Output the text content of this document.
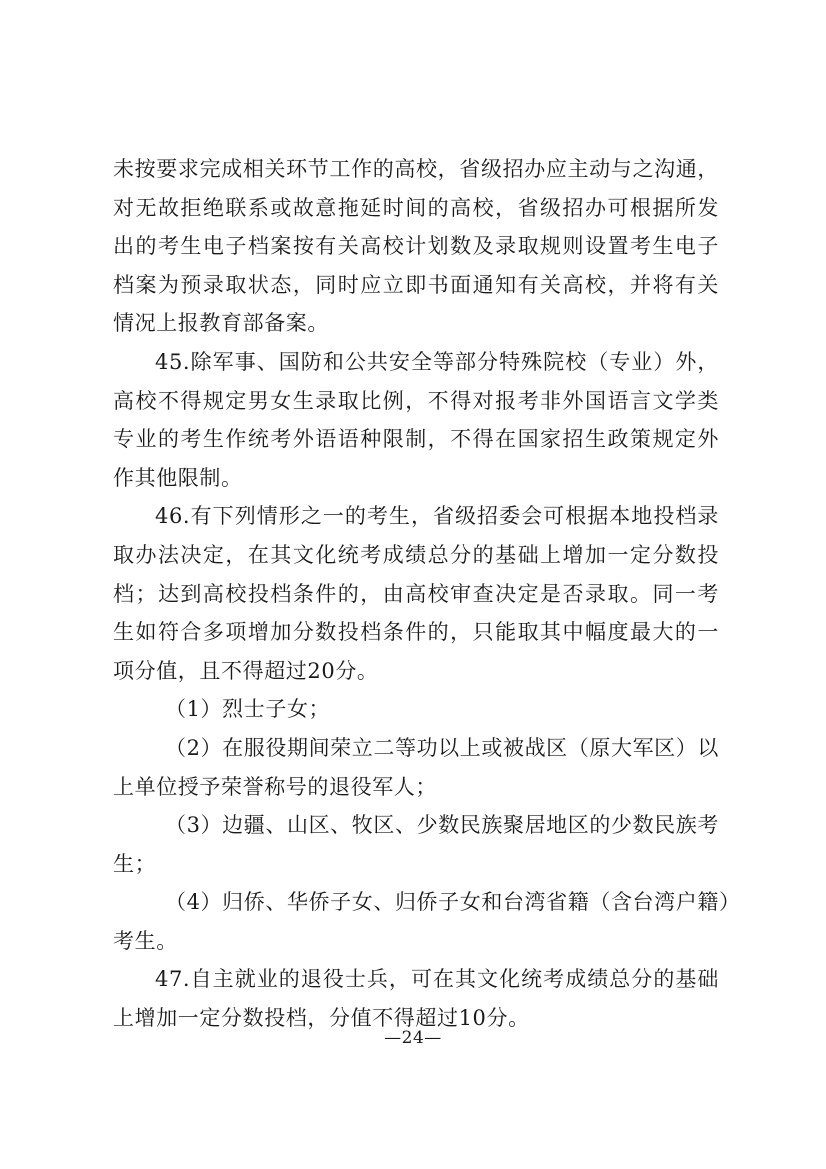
未按要求完成相关环节工作的高校，省级招办应主动与之沟通，
对无故拒绝联系或故意拖延时间的高校，省级招办可根据所发
出的考生电子档案按有关高校计划数及录取规则设置考生电子
档案为预录取状态，同时应立即书面通知有关高校，并将有关
情况上报教育部备案。

45.除军事、国防和公共安全等部分特殊院校（专业）外，
高校不得规定男女生录取比例，不得对报考非外国语言文学类
专业的考生作统考外语语种限制，不得在国家招生政策规定外
作其他限制。

46.有下列情形之一的考生，省级招委会可根据本地投档录
取办法决定，在其文化统考成绩总分的基础上增加一定分数投
档；达到高校投档条件的，由高校审查决定是否录取。同一考
生如符合多项增加分数投档条件的，只能取其中幅度最大的一
项分值，且不得超过20分。

（1）烈士子女；

（2）在服役期间荣立二等功以上或被战区（原大军区）以
上单位授予荣誉称号的退役军人；

（3）边疆、山区、牧区、少数民族聚居地区的少数民族考
生；

（4）归侨、华侨子女、归侨子女和台湾省籍（含台湾户籍）
考生。

47.自主就业的退役士兵，可在其文化统考成绩总分的基础
上增加一定分数投档，分值不得超过10分。

—24—
